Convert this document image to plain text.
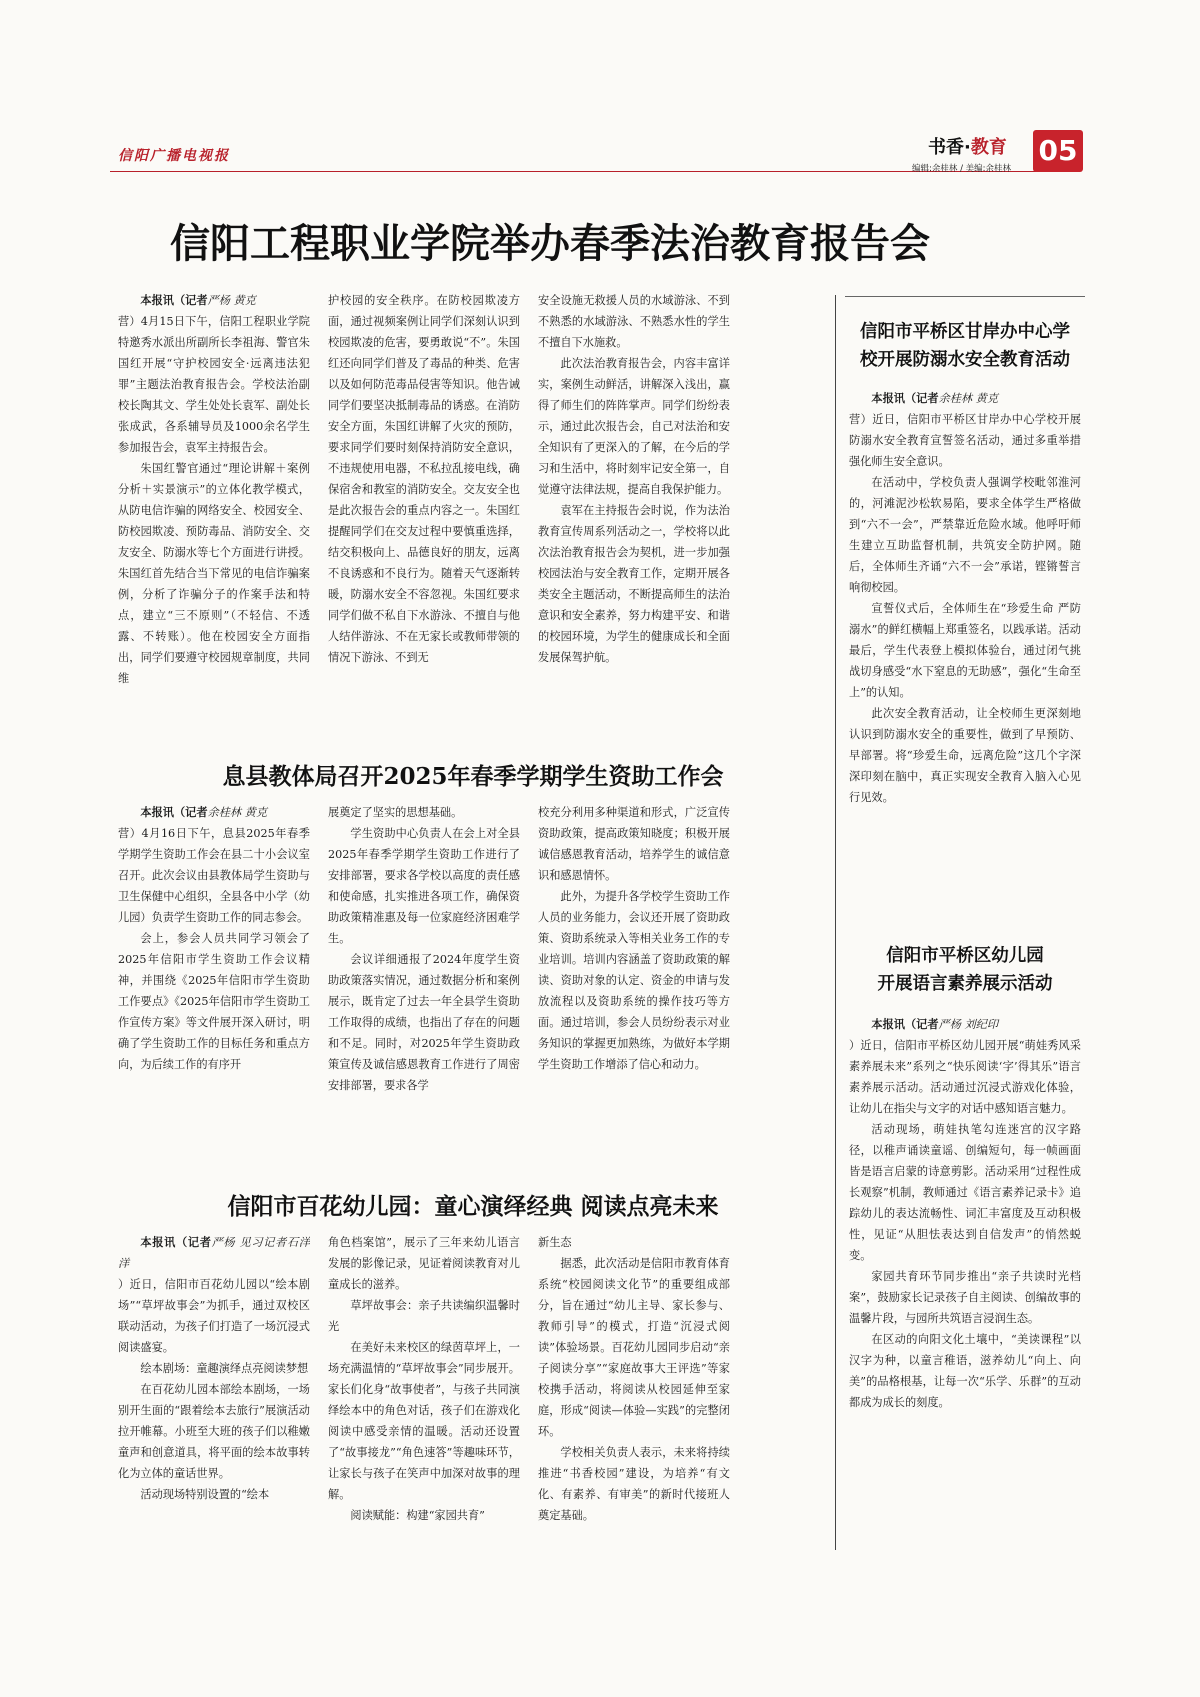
信阳广播电视报	书香·教育
编辑:余桂林 / 美编:余桂林
05
信阳工程职业学院举办春季法治教育报告会

本报讯（记者严杨 黄克

营）4月15日下午，信阳工程职业学院特邀秀水派出所副所长李祖海、警官朱国红开展“守护校园安全·远离违法犯罪”主题法治教育报告会。学校法治副校长陶其文、学生处处长袁军、副处长张成武，各系辅导员及1000余名学生参加报告会，袁军主持报告会。

朱国红警官通过“理论讲解＋案例分析＋实景演示”的立体化教学模式，从防电信诈骗的网络安全、校园安全、防校园欺凌、预防毒品、消防安全、交友安全、防溺水等七个方面进行讲授。朱国红首先结合当下常见的电信诈骗案例，分析了诈骗分子的作案手法和特点，建立“三不原则”（不轻信、不透露、不转账）。他在校园安全方面指出，同学们要遵守校园规章制度，共同维

护校园的安全秩序。在防校园欺凌方面，通过视频案例让同学们深刻认识到校园欺凌的危害，要勇敢说“不”。朱国红还向同学们普及了毒品的种类、危害以及如何防范毒品侵害等知识。他告诫同学们要坚决抵制毒品的诱惑。在消防安全方面，朱国红讲解了火灾的预防，要求同学们要时刻保持消防安全意识，不违规使用电器，不私拉乱接电线，确保宿舍和教室的消防安全。交友安全也是此次报告会的重点内容之一。朱国红提醒同学们在交友过程中要慎重选择，结交积极向上、品德良好的朋友，远离不良诱惑和不良行为。随着天气逐渐转暖，防溺水安全不容忽视。朱国红要求同学们做不私自下水游泳、不擅自与他人结伴游泳、不在无家长或教师带领的情况下游泳、不到无

安全设施无救援人员的水域游泳、不到不熟悉的水域游泳、不熟悉水性的学生不擅自下水施救。

此次法治教育报告会，内容丰富详实，案例生动鲜活，讲解深入浅出，赢得了师生们的阵阵掌声。同学们纷纷表示，通过此次报告会，自己对法治和安全知识有了更深入的了解，在今后的学习和生活中，将时刻牢记安全第一，自觉遵守法律法规，提高自我保护能力。

袁军在主持报告会时说，作为法治教育宣传周系列活动之一，学校将以此次法治教育报告会为契机，进一步加强校园法治与安全教育工作，定期开展各类安全主题活动，不断提高师生的法治意识和安全素养，努力构建平安、和谐的校园环境，为学生的健康成长和全面发展保驾护航。

息县教体局召开2025年春季学期学生资助工作会

本报讯（记者余桂林 黄克

营）4月16日下午，息县2025年春季学期学生资助工作会在县二十小会议室召开。此次会议由县教体局学生资助与卫生保健中心组织，全县各中小学（幼儿园）负责学生资助工作的同志参会。

会上，参会人员共同学习领会了2025年信阳市学生资助工作会议精神，并围绕《2025年信阳市学生资助工作要点》《2025年信阳市学生资助工作宣传方案》等文件展开深入研讨，明确了学生资助工作的目标任务和重点方向，为后续工作的有序开

展奠定了坚实的思想基础。

学生资助中心负责人在会上对全县2025年春季学期学生资助工作进行了安排部署，要求各学校以高度的责任感和使命感，扎实推进各项工作，确保资助政策精准惠及每一位家庭经济困难学生。

会议详细通报了2024年度学生资助政策落实情况，通过数据分析和案例展示，既肯定了过去一年全县学生资助工作取得的成绩，也指出了存在的问题和不足。同时，对2025年学生资助政策宣传及诚信感恩教育工作进行了周密安排部署，要求各学

校充分利用多种渠道和形式，广泛宣传资助政策，提高政策知晓度；积极开展诚信感恩教育活动，培养学生的诚信意识和感恩情怀。

此外，为提升各学校学生资助工作人员的业务能力，会议还开展了资助政策、资助系统录入等相关业务工作的专业培训。培训内容涵盖了资助政策的解读、资助对象的认定、资金的申请与发放流程以及资助系统的操作技巧等方面。通过培训，参会人员纷纷表示对业务知识的掌握更加熟练，为做好本学期学生资助工作增添了信心和动力。

信阳市百花幼儿园：童心演绎经典 阅读点亮未来

本报讯（记者严杨 见习记者石洋洋

）近日，信阳市百花幼儿园以“绘本剧场”“草坪故事会”为抓手，通过双校区联动活动，为孩子们打造了一场沉浸式阅读盛宴。

绘本剧场：童趣演绎点亮阅读梦想

在百花幼儿园本部绘本剧场，一场别开生面的“跟着绘本去旅行”展演活动拉开帷幕。小班至大班的孩子们以稚嫩童声和创意道具，将平面的绘本故事转化为立体的童话世界。

活动现场特别设置的“绘本

角色档案馆”，展示了三年来幼儿语言发展的影像记录，见证着阅读教育对儿童成长的滋养。

草坪故事会：亲子共读编织温馨时光

在美好未来校区的绿茵草坪上，一场充满温情的“草坪故事会”同步展开。家长们化身“故事使者”，与孩子共同演绎绘本中的角色对话，孩子们在游戏化阅读中感受亲情的温暖。活动还设置了“故事接龙”“角色速答”等趣味环节，让家长与孩子在笑声中加深对故事的理解。

阅读赋能：构建“家园共育”

新生态

据悉，此次活动是信阳市教育体育系统“校园阅读文化节”的重要组成部分，旨在通过“幼儿主导、家长参与、教师引导”的模式，打造“沉浸式阅读”体验场景。百花幼儿园同步启动“亲子阅读分享”“家庭故事大王评选”等家校携手活动，将阅读从校园延伸至家庭，形成“阅读—体验—实践”的完整闭环。

学校相关负责人表示，未来将持续推进“书香校园”建设，为培养“有文化、有素养、有审美”的新时代接班人奠定基础。

信阳市平桥区甘岸办中心学
校开展防溺水安全教育活动

本报讯（记者余桂林 黄克

营）近日，信阳市平桥区甘岸办中心学校开展防溺水安全教育宣誓签名活动，通过多重举措强化师生安全意识。

在活动中，学校负责人强调学校毗邻淮河的，河滩泥沙松软易陷，要求全体学生严格做到“六不一会”，严禁靠近危险水域。他呼吁师生建立互助监督机制，共筑安全防护网。随后，全体师生齐诵“六不一会”承诺，铿锵誓言响彻校园。

宣誓仪式后，全体师生在“珍爱生命 严防溺水”的鲜红横幅上郑重签名，以践承诺。活动最后，学生代表登上模拟体验台，通过闭气挑战切身感受“水下窒息的无助感”，强化“生命至上”的认知。

此次安全教育活动，让全校师生更深刻地认识到防溺水安全的重要性，做到了早预防、早部署。将“珍爱生命，远离危险”这几个字深深印刻在脑中，真正实现安全教育入脑入心见行见效。

信阳市平桥区幼儿园
开展语言素养展示活动

本报讯（记者严杨 刘纪印

）近日，信阳市平桥区幼儿园开展“萌娃秀风采素养展未来”系列之“快乐阅读‘字’得其乐”语言素养展示活动。活动通过沉浸式游戏化体验，让幼儿在指尖与文字的对话中感知语言魅力。

活动现场，萌娃执笔勾连迷宫的汉字路径，以稚声诵读童谣、创编短句，每一帧画面皆是语言启蒙的诗意剪影。活动采用“过程性成长观察”机制，教师通过《语言素养记录卡》追踪幼儿的表达流畅性、词汇丰富度及互动积极性，见证“从胆怯表达到自信发声”的悄然蜕变。

家园共育环节同步推出“亲子共读时光档案”，鼓励家长记录孩子自主阅读、创编故事的温馨片段，与园所共筑语言浸润生态。

在区动的向阳文化土壤中，“美读课程”以汉字为种，以童言稚语，滋养幼儿“向上、向美”的品格根基，让每一次“乐学、乐群”的互动都成为成长的刻度。
